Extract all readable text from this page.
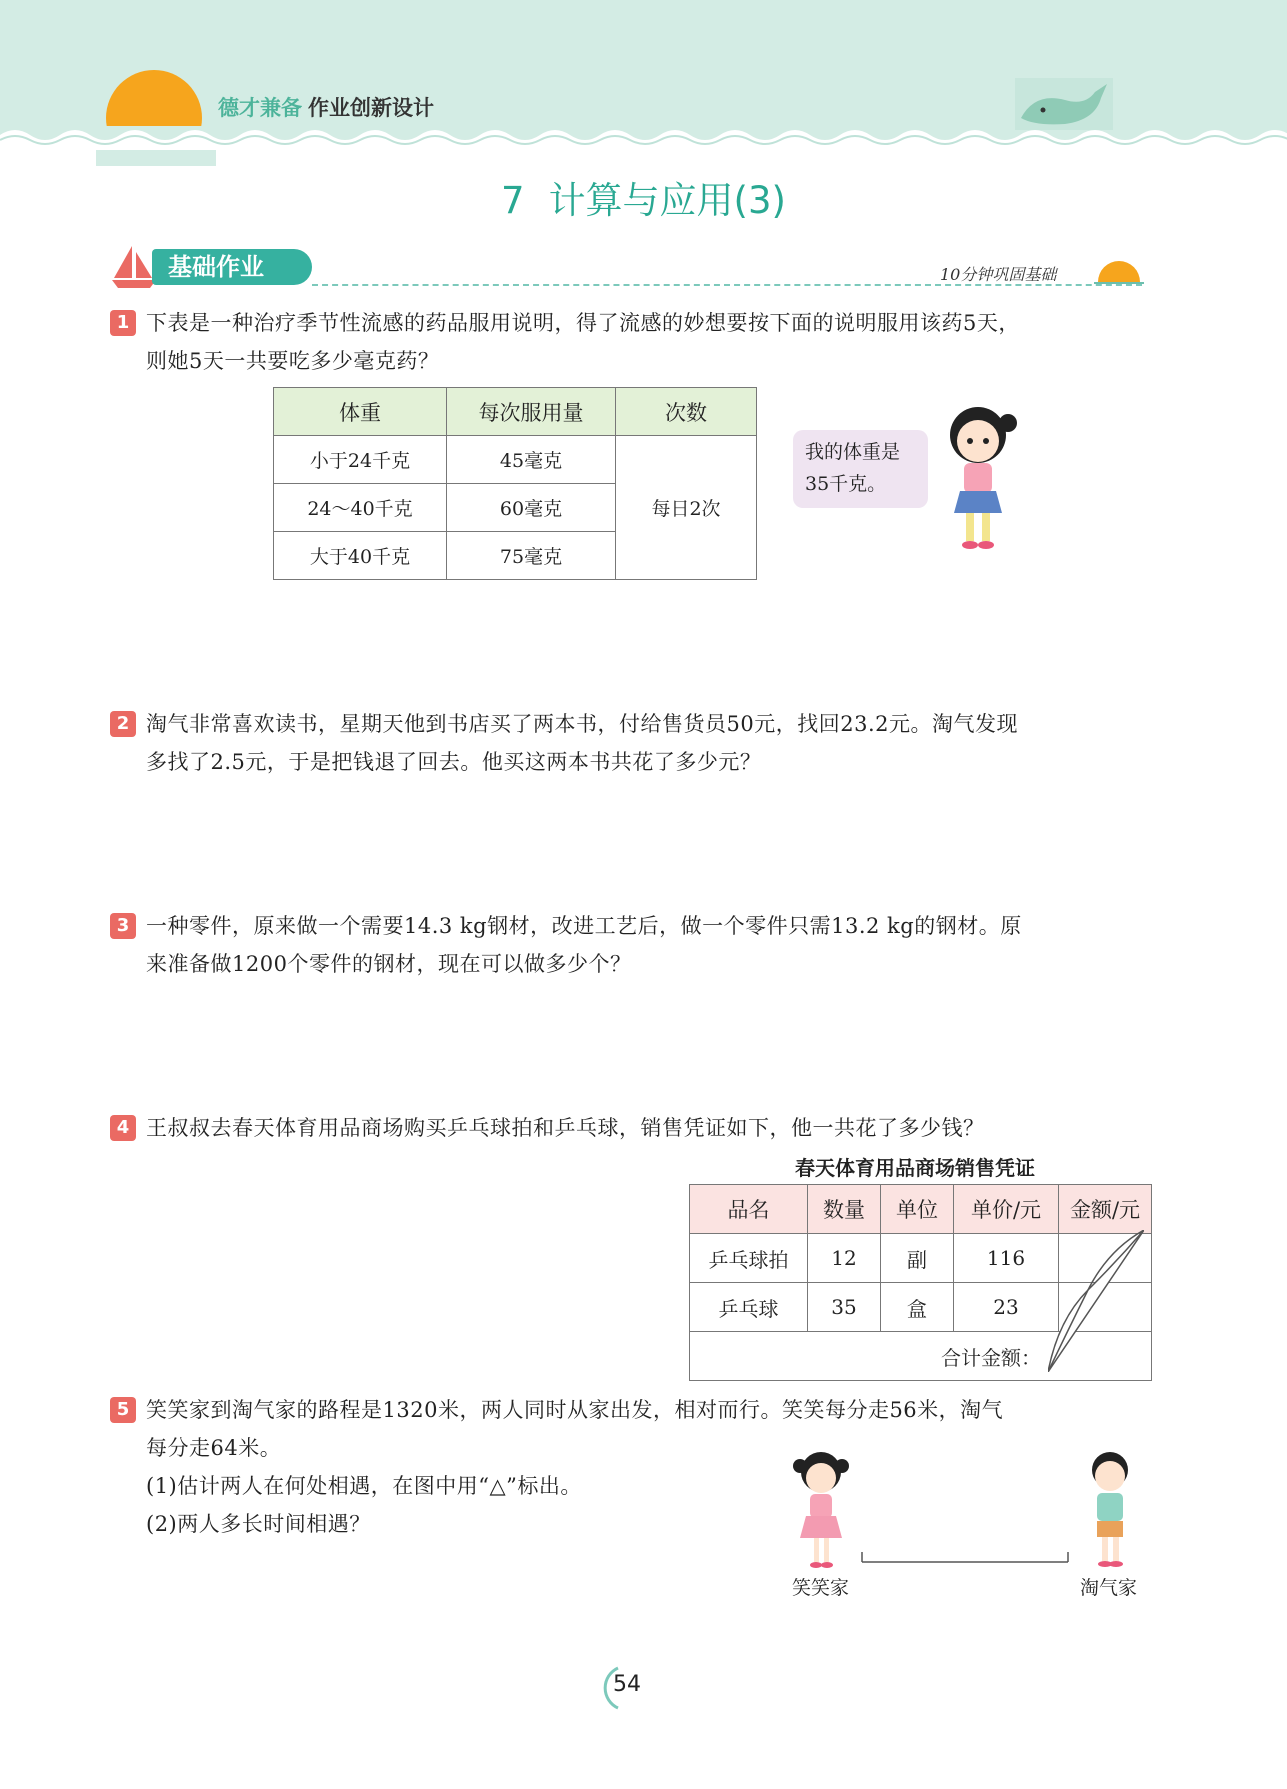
德才兼备 作业创新设计
7 计算与应用(3)
基础作业	10分钟巩固基础
1 下表是一种治疗季节性流感的药品服用说明，得了流感的妙想要按下面的说明服用该药5天，
则她5天一共要吃多少毫克药？
体重	每次服用量	次数
小于24千克	45毫克	每日2次
24～40千克	60毫克	
大于40千克	75毫克	
我的体重是
35千克。
2 淘气非常喜欢读书，星期天他到书店买了两本书，付给售货员50元，找回23.2元。淘气发现
多找了2.5元，于是把钱退了回去。他买这两本书共花了多少元？
3 一种零件，原来做一个需要14.3 kg钢材，改进工艺后，做一个零件只需13.2 kg的钢材。原
来准备做1200个零件的钢材，现在可以做多少个？
4 王叔叔去春天体育用品商场购买乒乓球拍和乒乓球，销售凭证如下，他一共花了多少钱？
春天体育用品商场销售凭证
品名	数量	单位	单价/元	金额/元
乒乓球拍	12	副	116	
乒乓球	35	盒	23	
合计金额：				
5 笑笑家到淘气家的路程是1320米，两人同时从家出发，相对而行。笑笑每分走56米，淘气
每分走64米。
(1)估计两人在何处相遇，在图中用“△”标出。
(2)两人多长时间相遇？
笑笑家	淘气家
54
